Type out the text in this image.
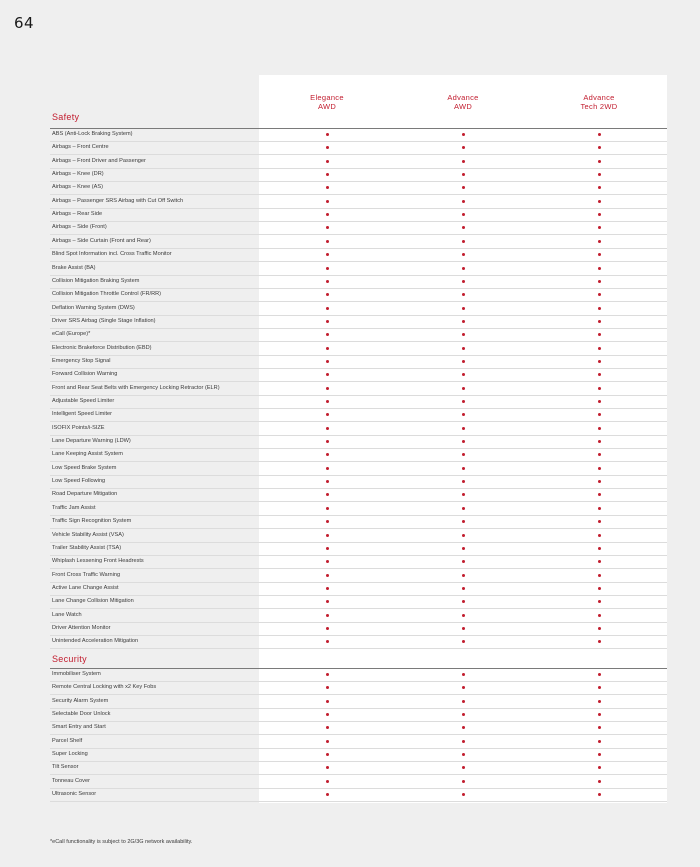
64
Elegance
AWD
Advance
AWD
Advance
Tech 2WD
Safety
ABS (Anti-Lock Braking System)
Airbags – Front Centre
Airbags – Front Driver and Passenger
Airbags – Knee (DR)
Airbags – Knee (AS)
Airbags – Passenger SRS Airbag with Cut Off Switch
Airbags – Rear Side
Airbags – Side (Front)
Airbags – Side Curtain (Front and Rear)
Blind Spot Information incl. Cross Traffic Monitor
Brake Assist (BA)
Collision Mitigation Braking System
Collision Mitigation Throttle Control (FR/RR)
Deflation Warning System (DWS)
Driver SRS Airbag (Single Stage Inflation)
eCall (Europe)*
Electronic Brakeforce Distribution (EBD)
Emergency Stop Signal
Forward Collision Warning
Front and Rear Seat Belts with Emergency Locking Retractor (ELR)
Adjustable Speed Limiter
Intelligent Speed Limiter
ISOFIX Points/i-SIZE
Lane Departure Warning (LDW)
Lane Keeping Assist System
Low Speed Brake System
Low Speed Following
Road Departure Mitigation
Traffic Jam Assist
Traffic Sign Recognition System
Vehicle Stability Assist (VSA)
Trailer Stability Assist (TSA)
Whiplash Lessening Front Headrests
Front Cross Traffic Warning
Active Lane Change Assist
Lane Change Collision Mitigation
Lane Watch
Driver Attention Monitor
Unintended Acceleration Mitigation
Security
Immobiliser System
Remote Central Locking with x2 Key Fobs
Security Alarm System
Selectable Door Unlock
Smart Entry and Start
Parcel Shelf
Super Locking
Tilt Sensor
Tonneau Cover
Ultrasonic Sensor
*eCall functionality is subject to 2G/3G network availability.
